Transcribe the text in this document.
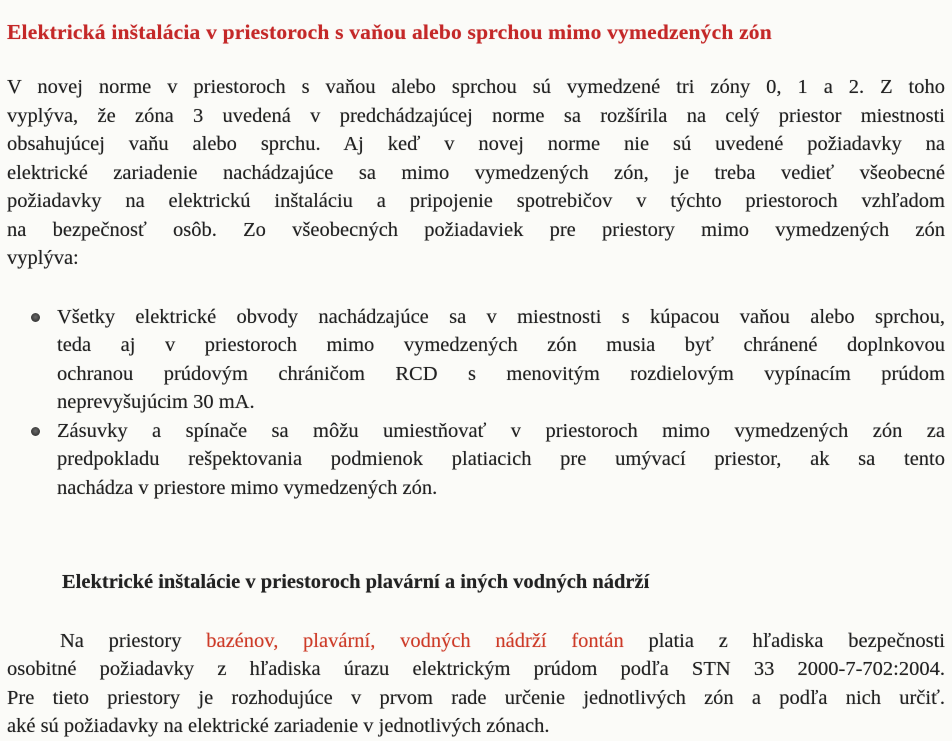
Elektrická inštalácia v priestoroch s vaňou alebo sprchou mimo vymedzených zón
V novej norme v priestoroch s vaňou alebo sprchou sú vymedzené tri zóny 0, 1 a 2. Z toho
vyplýva, že zóna 3 uvedená v predchádzajúcej norme sa rozšírila na celý priestor miestnosti
obsahujúcej vaňu alebo sprchu. Aj keď v novej norme nie sú uvedené požiadavky na
elektrické zariadenie nachádzajúce sa mimo vymedzených zón, je treba vedieť všeobecné
požiadavky na elektrickú inštaláciu a pripojenie spotrebičov v týchto priestoroch vzhľadom
na bezpečnosť osôb. Zo všeobecných požiadaviek pre priestory mimo vymedzených zón
vyplýva:
Všetky elektrické obvody nachádzajúce sa v miestnosti s kúpacou vaňou alebo sprchou,
teda aj v priestoroch mimo vymedzených zón musia byť chránené doplnkovou
ochranou prúdovým chráničom RCD s menovitým rozdielovým vypínacím prúdom
neprevyšujúcim 30 mA.
Zásuvky a spínače sa môžu umiestňovať v priestoroch mimo vymedzených zón za
predpokladu rešpektovania podmienok platiacich pre umývací priestor, ak sa tento
nachádza v priestore mimo vymedzených zón.
Elektrické inštalácie v priestoroch plavární a iných vodných nádrží
Na priestory bazénov, plavární, vodných nádrží fontán platia z hľadiska bezpečnosti
osobitné požiadavky z hľadiska úrazu elektrickým prúdom podľa STN 33 2000-7-702:2004.
Pre tieto priestory je rozhodujúce v prvom rade určenie jednotlivých zón a podľa nich určiť.
aké sú požiadavky na elektrické zariadenie v jednotlivých zónach.
